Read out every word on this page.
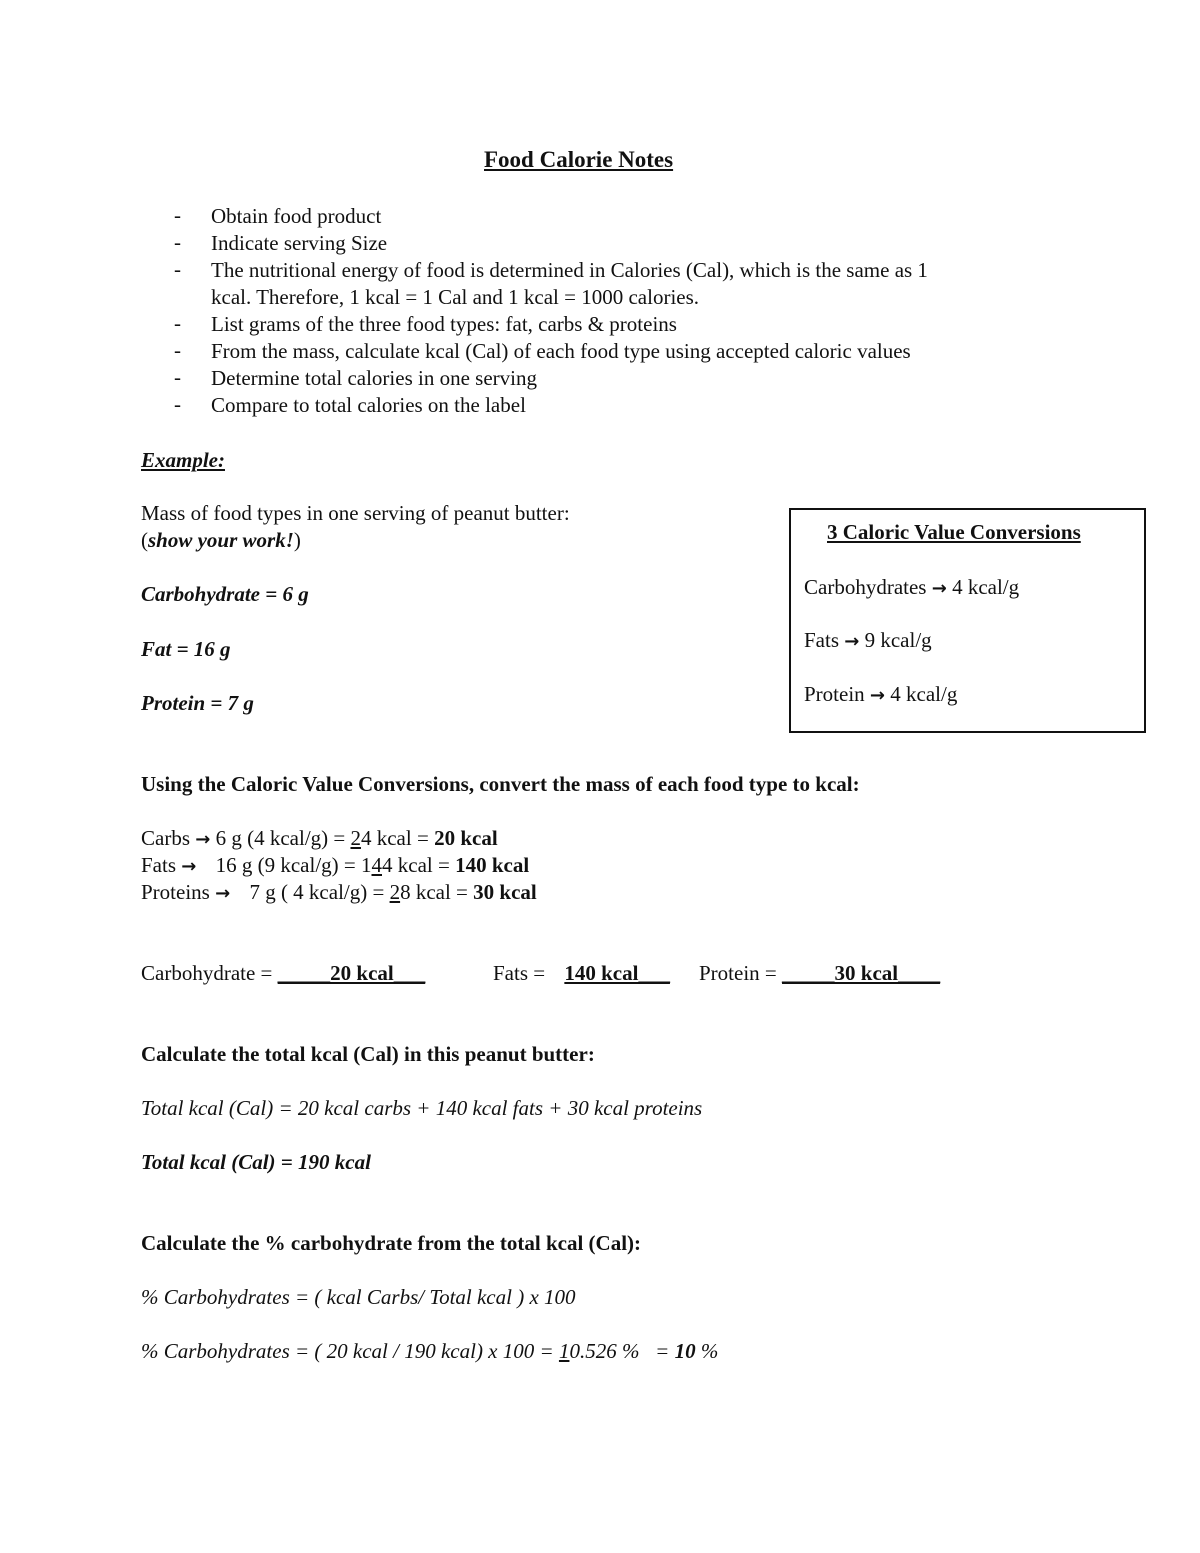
Food Calorie Notes
- Obtain food product
- Indicate serving Size
- The nutritional energy of food is determined in Calories (Cal), which is the same as 1
kcal. Therefore, 1 kcal = 1 Cal and 1 kcal = 1000 calories.
- List grams of the three food types: fat, carbs & proteins
- From the mass, calculate kcal (Cal) of each food type using accepted caloric values
- Determine total calories in one serving
- Compare to total calories on the label
Example:
Mass of food types in one serving of peanut butter:
(show your work!)
Carbohydrate = 6 g
Fat = 16 g
Protein = 7 g
3 Caloric Value Conversions
Carbohydrates → 4 kcal/g
Fats → 9 kcal/g
Protein → 4 kcal/g
Using the Caloric Value Conversions, convert the mass of each food type to kcal:
Carbs → 6 g (4 kcal/g) = 24 kcal = 20 kcal
Fats → 16 g (9 kcal/g) = 144 kcal = 140 kcal
Proteins → 7 g ( 4 kcal/g) = 28 kcal = 30 kcal
Carbohydrate = _____20 kcal___	Fats = 140 kcal___ Protein = _____30 kcal____
Calculate the total kcal (Cal) in this peanut butter:
Total kcal (Cal) = 20 kcal carbs + 140 kcal fats + 30 kcal proteins
Total kcal (Cal) = 190 kcal
Calculate the % carbohydrate from the total kcal (Cal):
% Carbohydrates = ( kcal Carbs/ Total kcal ) x 100
% Carbohydrates = ( 20 kcal / 190 kcal) x 100 = 10.526 %   = 10 %
